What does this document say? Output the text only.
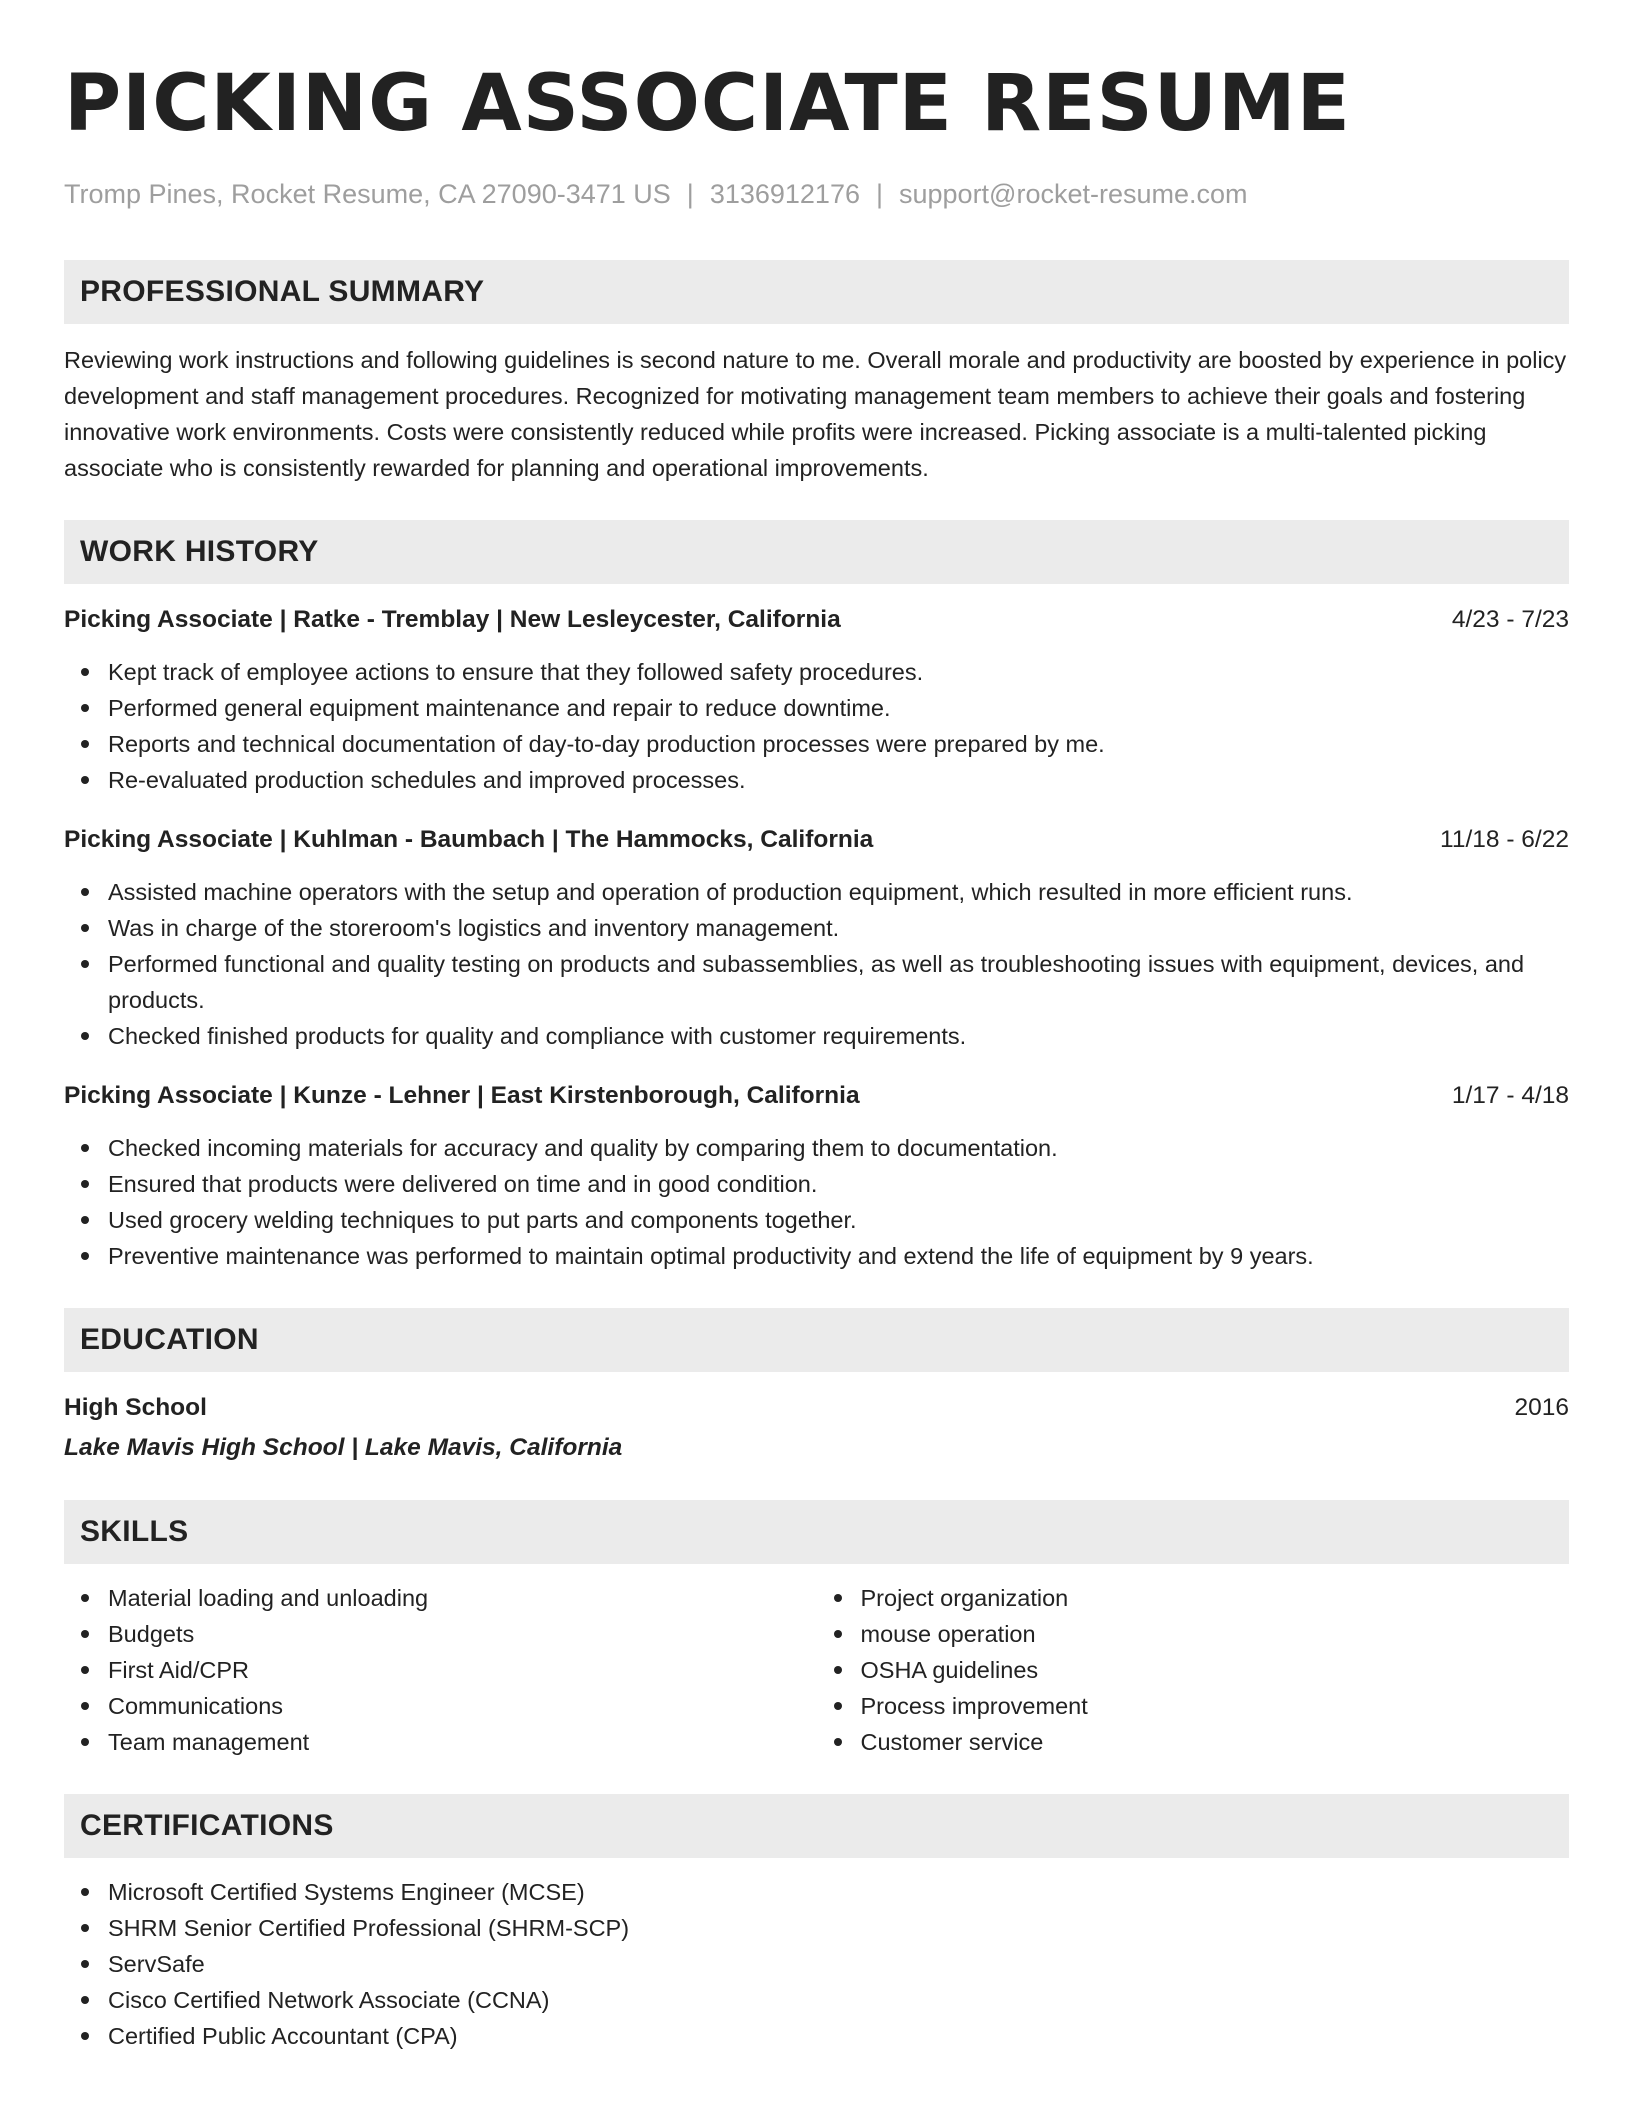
PICKING ASSOCIATE RESUME
Tromp Pines, Rocket Resume, CA 27090-3471 US | 3136912176 | support@rocket-resume.com
PROFESSIONAL SUMMARY
Reviewing work instructions and following guidelines is second nature to me. Overall morale and productivity are boosted by experience in policy development and staff management procedures. Recognized for motivating management team members to achieve their goals and fostering innovative work environments. Costs were consistently reduced while profits were increased. Picking associate is a multi-talented picking associate who is consistently rewarded for planning and operational improvements.
WORK HISTORY
Picking Associate | Ratke - Tremblay | New Lesleycester, California	4/23 - 7/23
Kept track of employee actions to ensure that they followed safety procedures.
Performed general equipment maintenance and repair to reduce downtime.
Reports and technical documentation of day-to-day production processes were prepared by me.
Re-evaluated production schedules and improved processes.
Picking Associate | Kuhlman - Baumbach | The Hammocks, California	11/18 - 6/22
Assisted machine operators with the setup and operation of production equipment, which resulted in more efficient runs.
Was in charge of the storeroom's logistics and inventory management.
Performed functional and quality testing on products and subassemblies, as well as troubleshooting issues with equipment, devices, and products.
Checked finished products for quality and compliance with customer requirements.
Picking Associate | Kunze - Lehner | East Kirstenborough, California	1/17 - 4/18
Checked incoming materials for accuracy and quality by comparing them to documentation.
Ensured that products were delivered on time and in good condition.
Used grocery welding techniques to put parts and components together.
Preventive maintenance was performed to maintain optimal productivity and extend the life of equipment by 9 years.
EDUCATION
High School	2016
Lake Mavis High School | Lake Mavis, California
SKILLS
Material loading and unloading
Budgets
First Aid/CPR
Communications
Team management
Project organization
mouse operation
OSHA guidelines
Process improvement
Customer service
CERTIFICATIONS
Microsoft Certified Systems Engineer (MCSE)
SHRM Senior Certified Professional (SHRM-SCP)
ServSafe
Cisco Certified Network Associate (CCNA)
Certified Public Accountant (CPA)
